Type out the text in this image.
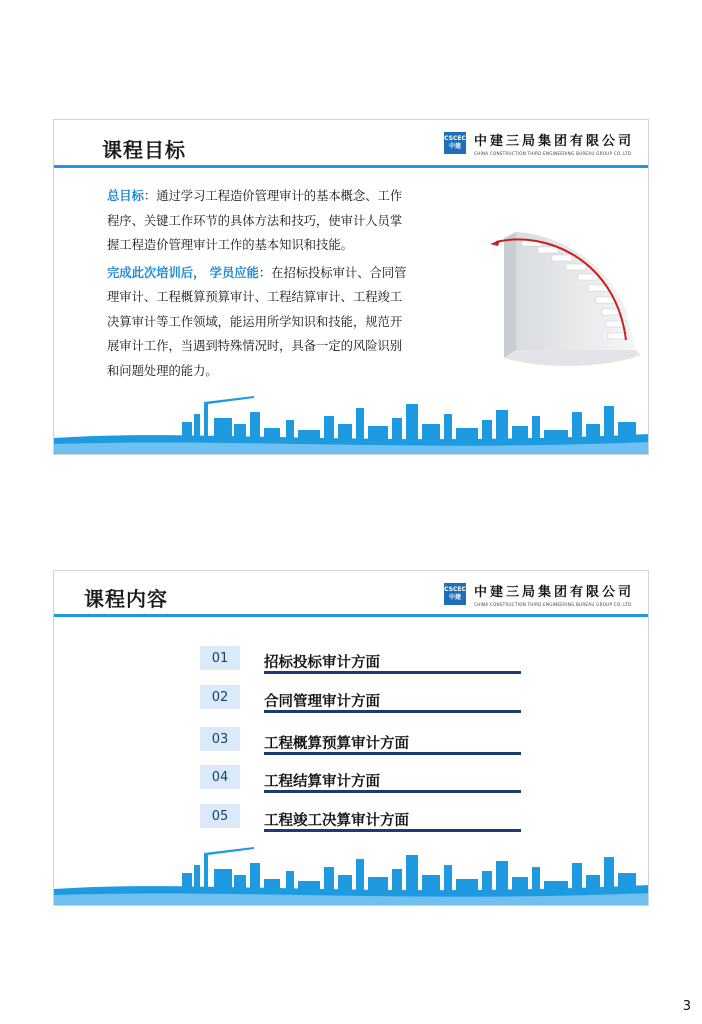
课程目标	CSCEC
中建	中建三局集团有限公司
CHINA CONSTRUCTION THIRD ENGINEERING BUREAU GROUP CO.,LTD

总目标：通过学习工程造价管理审计的基本概念、工作程序、关键工作环节的具体方法和技巧，使审计人员掌握工程造价管理审计工作的基本知识和技能。

完成此次培训后， 学员应能：在招标投标审计、合同管理审计、工程概算预算审计、工程结算审计、工程竣工决算审计等工作领域，能运用所学知识和技能，规范开展审计工作，当遇到特殊情况时，具备一定的风险识别和问题处理的能力。

课程内容	CSCEC
中建	中建三局集团有限公司
CHINA CONSTRUCTION THIRD ENGINEERING BUREAU GROUP CO.,LTD
01	招标投标审计方面
02	合同管理审计方面
03	工程概算预算审计方面
04	工程结算审计方面
05	工程竣工决算审计方面
3
